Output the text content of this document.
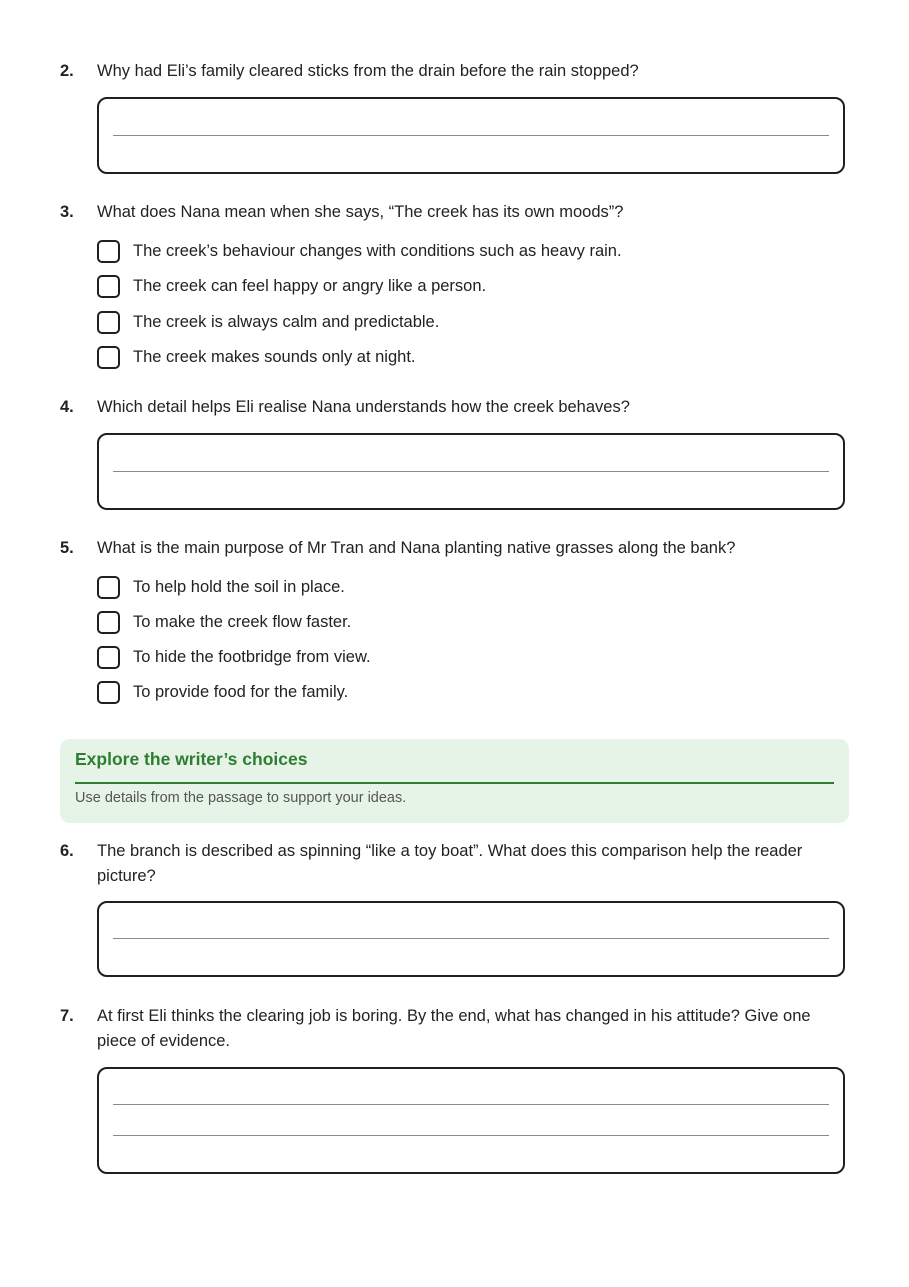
2.	Why had Eli’s family cleared sticks from the drain before the rain stopped?
3.	What does Nana mean when she says, “The creek has its own moods”?
The creek’s behaviour changes with conditions such as heavy rain.
The creek can feel happy or angry like a person.
The creek is always calm and predictable.
The creek makes sounds only at night.
4.	Which detail helps Eli realise Nana understands how the creek behaves?
5.	What is the main purpose of Mr Tran and Nana planting native grasses along the bank?
To help hold the soil in place.
To make the creek flow faster.
To hide the footbridge from view.
To provide food for the family.
Explore the writer’s choices
Use details from the passage to support your ideas.
6.	The branch is described as spinning “like a toy boat”. What does this comparison help the reader picture?
7.	At first Eli thinks the clearing job is boring. By the end, what has changed in his attitude? Give one piece of evidence.
